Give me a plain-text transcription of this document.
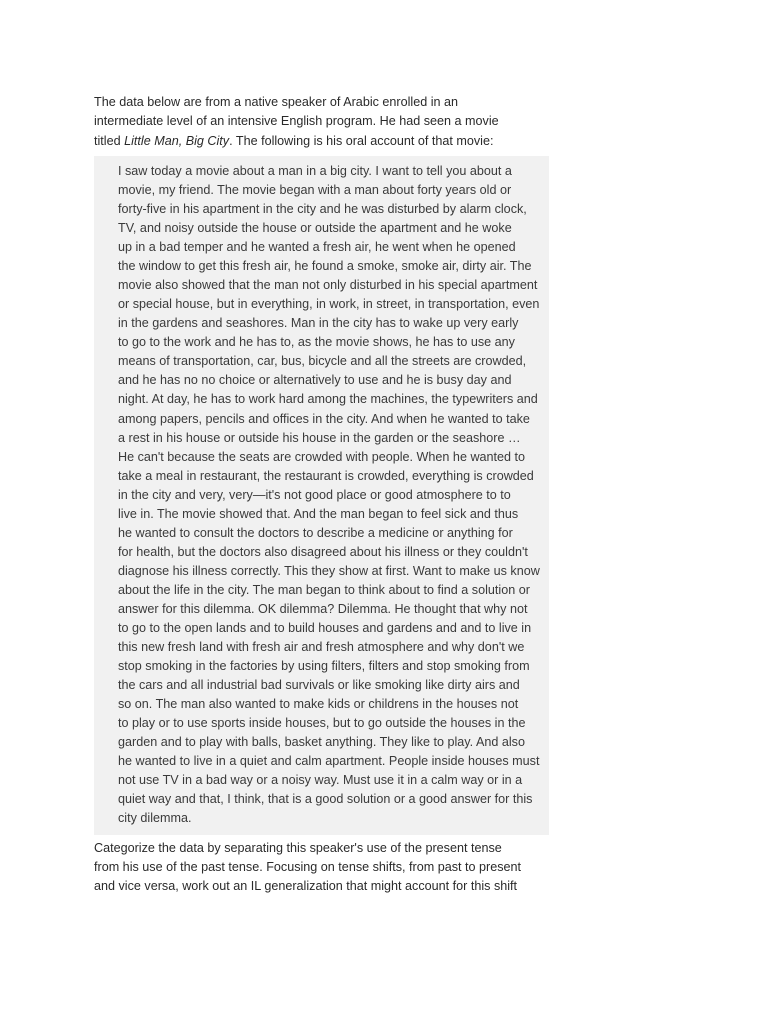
The data below are from a native speaker of Arabic enrolled in an
intermediate level of an intensive English program. He had seen a movie
titled Little Man, Big City. The following is his oral account of that movie:
I saw today a movie about a man in a big city. I want to tell you about a
movie, my friend. The movie began with a man about forty years old or
forty-five in his apartment in the city and he was disturbed by alarm clock,
TV, and noisy outside the house or outside the apartment and he woke
up in a bad temper and he wanted a fresh air, he went when he opened
the window to get this fresh air, he found a smoke, smoke air, dirty air. The
movie also showed that the man not only disturbed in his special apartment
or special house, but in everything, in work, in street, in transportation, even
in the gardens and seashores. Man in the city has to wake up very early
to go to the work and he has to, as the movie shows, he has to use any
means of transportation, car, bus, bicycle and all the streets are crowded,
and he has no no choice or alternatively to use and he is busy day and
night. At day, he has to work hard among the machines, the typewriters and
among papers, pencils and offices in the city. And when he wanted to take
a rest in his house or outside his house in the garden or the seashore …
He can't because the seats are crowded with people. When he wanted to
take a meal in restaurant, the restaurant is crowded, everything is crowded
in the city and very, very—it's not good place or good atmosphere to to
live in. The movie showed that. And the man began to feel sick and thus
he wanted to consult the doctors to describe a medicine or anything for
for health, but the doctors also disagreed about his illness or they couldn't
diagnose his illness correctly. This they show at first. Want to make us know
about the life in the city. The man began to think about to find a solution or
answer for this dilemma. OK dilemma? Dilemma. He thought that why not
to go to the open lands and to build houses and gardens and and to live in
this new fresh land with fresh air and fresh atmosphere and why don't we
stop smoking in the factories by using filters, filters and stop smoking from
the cars and all industrial bad survivals or like smoking like dirty airs and
so on. The man also wanted to make kids or childrens in the houses not
to play or to use sports inside houses, but to go outside the houses in the
garden and to play with balls, basket anything. They like to play. And also
he wanted to live in a quiet and calm apartment. People inside houses must
not use TV in a bad way or a noisy way. Must use it in a calm way or in a
quiet way and that, I think, that is a good solution or a good answer for this
city dilemma.
Categorize the data by separating this speaker's use of the present tense
from his use of the past tense. Focusing on tense shifts, from past to present
and vice versa, work out an IL generalization that might account for this shift
